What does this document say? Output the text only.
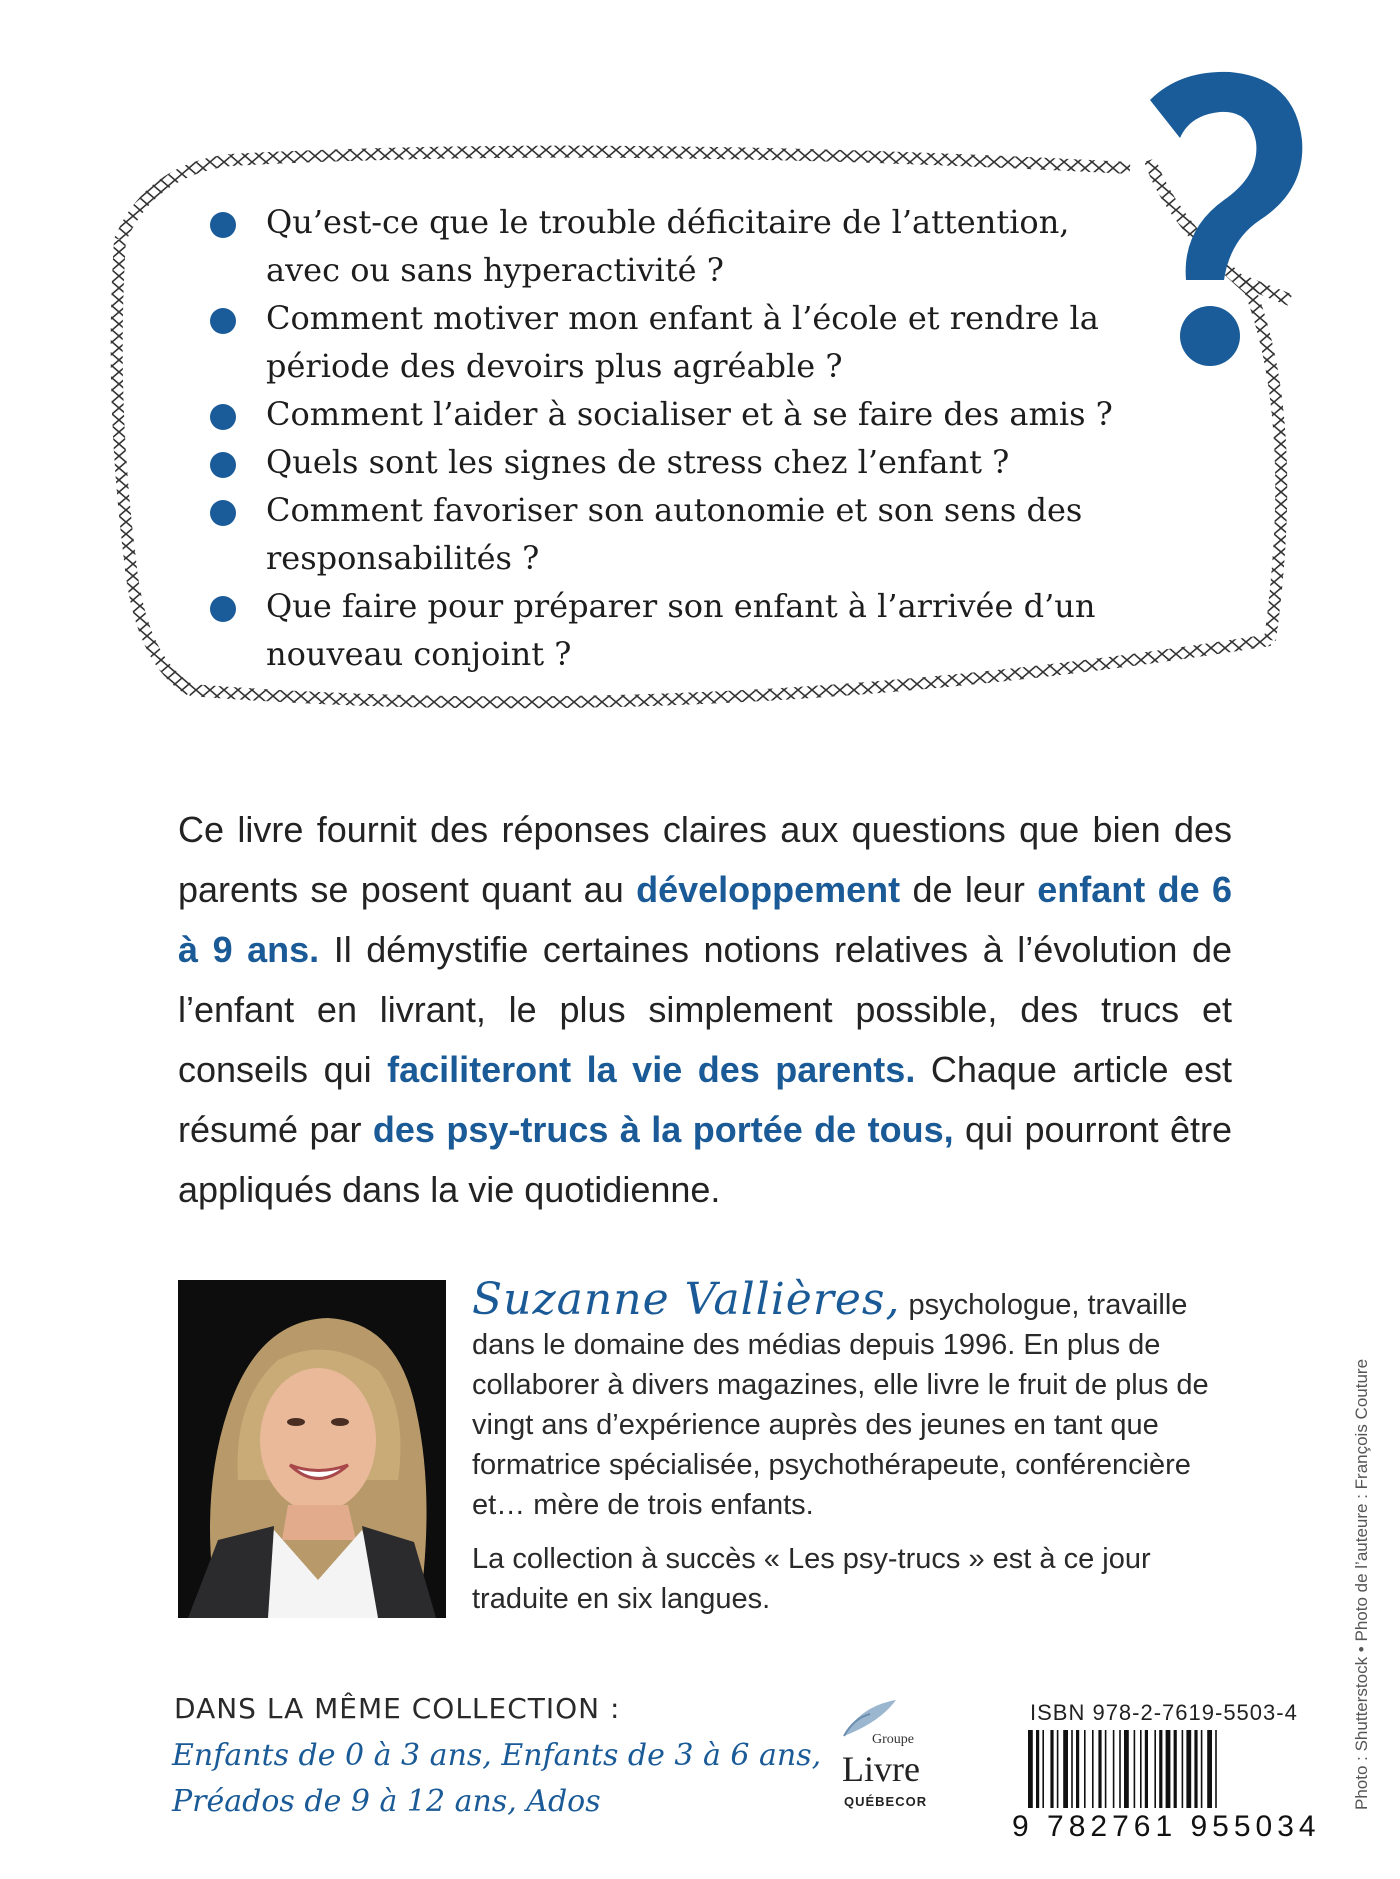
Qu’est-ce que le trouble déficitaire de l’attention, avec ou sans hyperactivité ?
Comment motiver mon enfant à l’école et rendre la période des devoirs plus agréable ?
Comment l’aider à socialiser et à se faire des amis ?
Quels sont les signes de stress chez l’enfant ?
Comment favoriser son autonomie et son sens des responsabilités ?
Que faire pour préparer son enfant à l’arrivée d’un nouveau conjoint ?

Ce livre fournit des réponses claires aux questions que bien des parents se posent quant au développement de leur enfant de 6 à 9 ans. Il démystifie certaines notions relatives à l’évolution de l’enfant en livrant, le plus simplement possible, des trucs et conseils qui faciliteront la vie des parents. Chaque article est résumé par des psy-trucs à la portée de tous, qui pourront être appliqués dans la vie quotidienne.

Suzanne Vallières, psychologue, travaille dans le domaine des médias depuis 1996. En plus de collaborer à divers magazines, elle livre le fruit de plus de vingt ans d’expérience auprès des jeunes en tant que formatrice spécialisée, psychothérapeute, conférencière et… mère de trois enfants.

La collection à succès « Les psy-trucs » est à ce jour traduite en six langues.

DANS LA MÊME COLLECTION :
Enfants de 0 à 3 ans, Enfants de 3 à 6 ans,
Préados de 9 à 12 ans, Ados
Groupe
Livre
QUÉBECOR
ISBN 978-2-7619-5503-4
9 782761 955034
Photo : Shutterstock • Photo de l’auteure : François Couture
